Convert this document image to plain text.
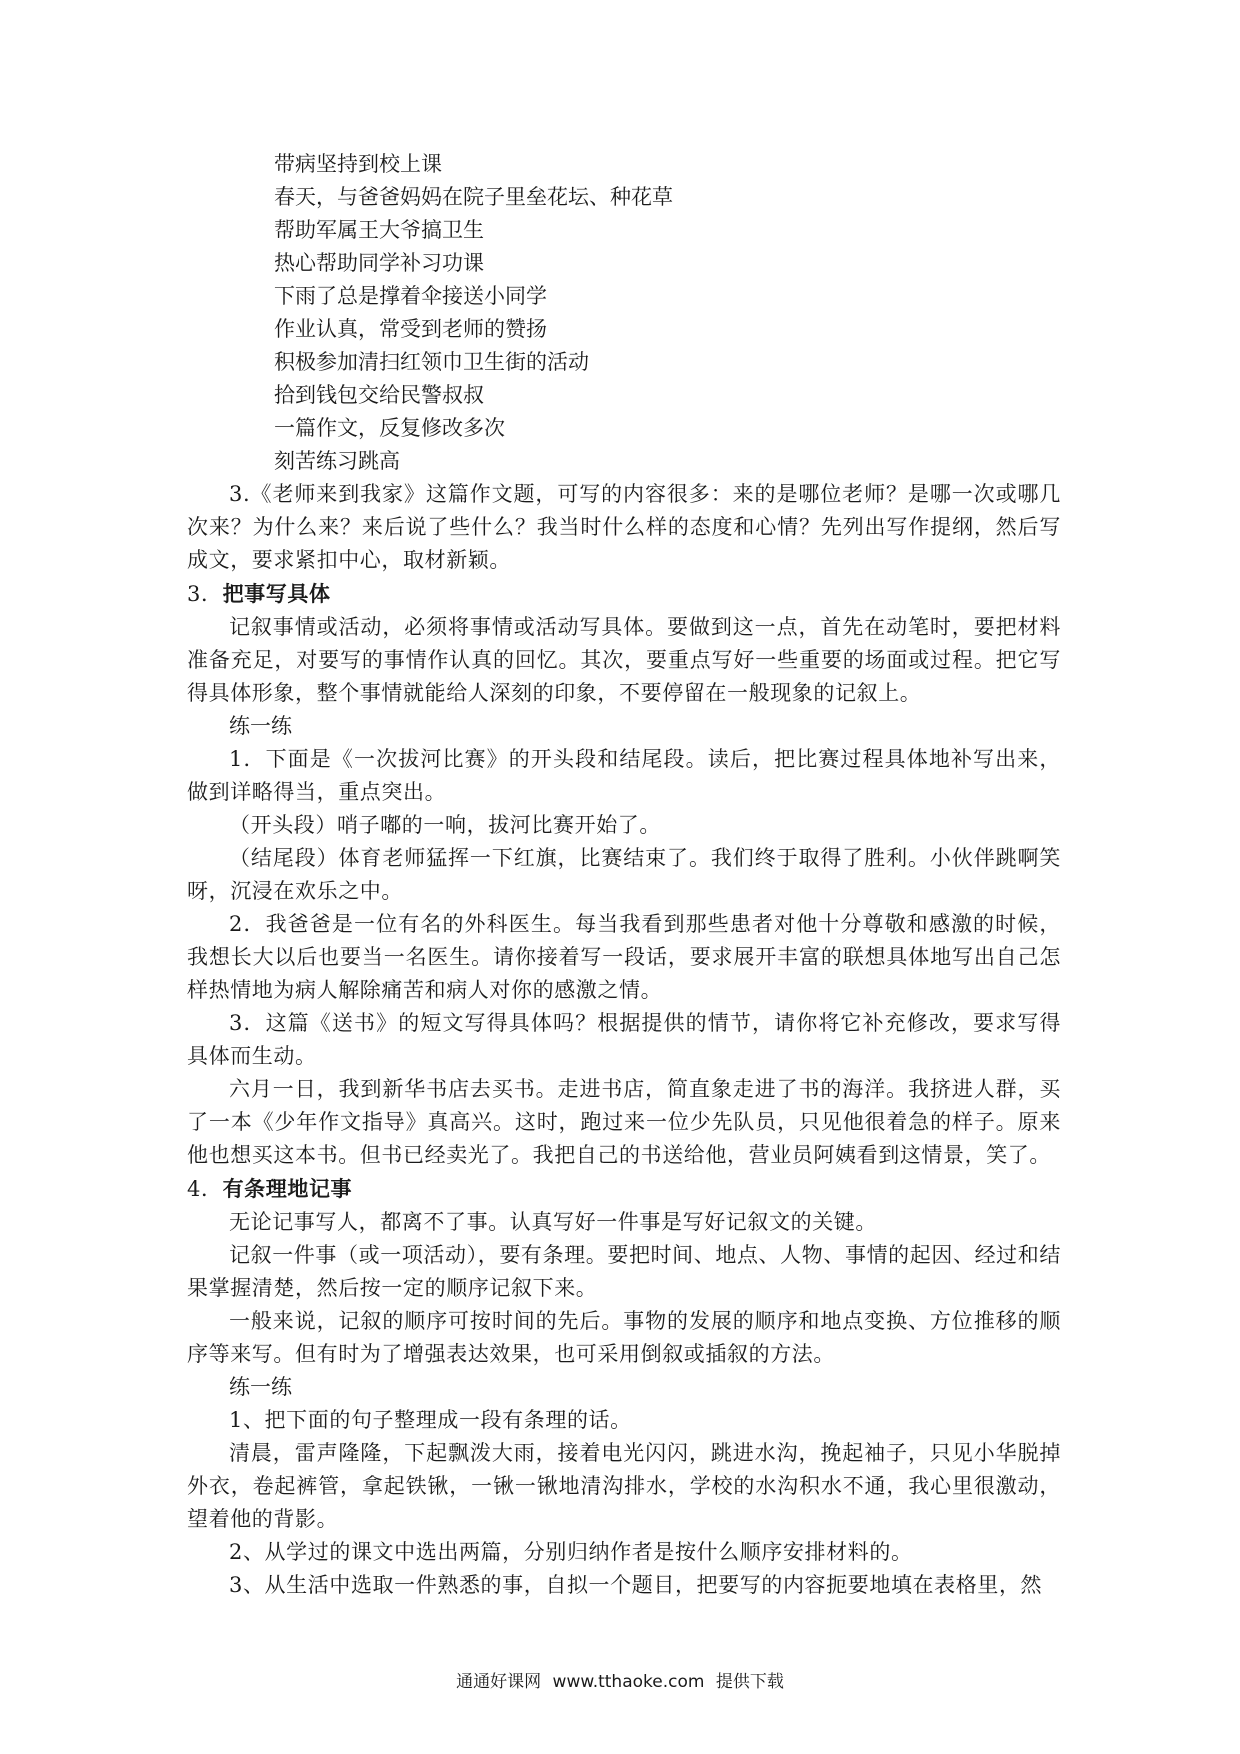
带病坚持到校上课

春天，与爸爸妈妈在院子里垒花坛、种花草

帮助军属王大爷搞卫生

热心帮助同学补习功课

下雨了总是撑着伞接送小同学

作业认真，常受到老师的赞扬

积极参加清扫红领巾卫生街的活动

拾到钱包交给民警叔叔

一篇作文，反复修改多次

刻苦练习跳高

3.《老师来到我家》这篇作文题，可写的内容很多：来的是哪位老师？是哪一次或哪几次来？为什么来？来后说了些什么？我当时什么样的态度和心情？先列出写作提纲，然后写成文，要求紧扣中心，取材新颖。

3．把事写具体

记叙事情或活动，必须将事情或活动写具体。要做到这一点，首先在动笔时，要把材料准备充足，对要写的事情作认真的回忆。其次，要重点写好一些重要的场面或过程。把它写得具体形象，整个事情就能给人深刻的印象，不要停留在一般现象的记叙上。

练一练

1．下面是《一次拔河比赛》的开头段和结尾段。读后，把比赛过程具体地补写出来，做到详略得当，重点突出。

（开头段）哨子嘟的一响，拔河比赛开始了。

（结尾段）体育老师猛挥一下红旗，比赛结束了。我们终于取得了胜利。小伙伴跳啊笑呀，沉浸在欢乐之中。

2．我爸爸是一位有名的外科医生。每当我看到那些患者对他十分尊敬和感激的时候，我想长大以后也要当一名医生。请你接着写一段话，要求展开丰富的联想具体地写出自己怎样热情地为病人解除痛苦和病人对你的感激之情。

3．这篇《送书》的短文写得具体吗？根据提供的情节，请你将它补充修改，要求写得具体而生动。

六月一日，我到新华书店去买书。走进书店，简直象走进了书的海洋。我挤进人群，买了一本《少年作文指导》真高兴。这时，跑过来一位少先队员，只见他很着急的样子。原来他也想买这本书。但书已经卖光了。我把自己的书送给他，营业员阿姨看到这情景，笑了。

4．有条理地记事

无论记事写人，都离不了事。认真写好一件事是写好记叙文的关键。

记叙一件事（或一项活动），要有条理。要把时间、地点、人物、事情的起因、经过和结果掌握清楚，然后按一定的顺序记叙下来。

一般来说，记叙的顺序可按时间的先后。事物的发展的顺序和地点变换、方位推移的顺序等来写。但有时为了增强表达效果，也可采用倒叙或插叙的方法。

练一练

1、把下面的句子整理成一段有条理的话。

清晨，雷声隆隆，下起飘泼大雨，接着电光闪闪，跳进水沟，挽起袖子，只见小华脱掉外衣，卷起裤管，拿起铁锹，一锹一锹地清沟排水，学校的水沟积水不通，我心里很激动，望着他的背影。

2、从学过的课文中选出两篇，分别归纳作者是按什么顺序安排材料的。

3、从生活中选取一件熟悉的事，自拟一个题目，把要写的内容扼要地填在表格里，然

通通好课网 www.tthaoke.com 提供下载
